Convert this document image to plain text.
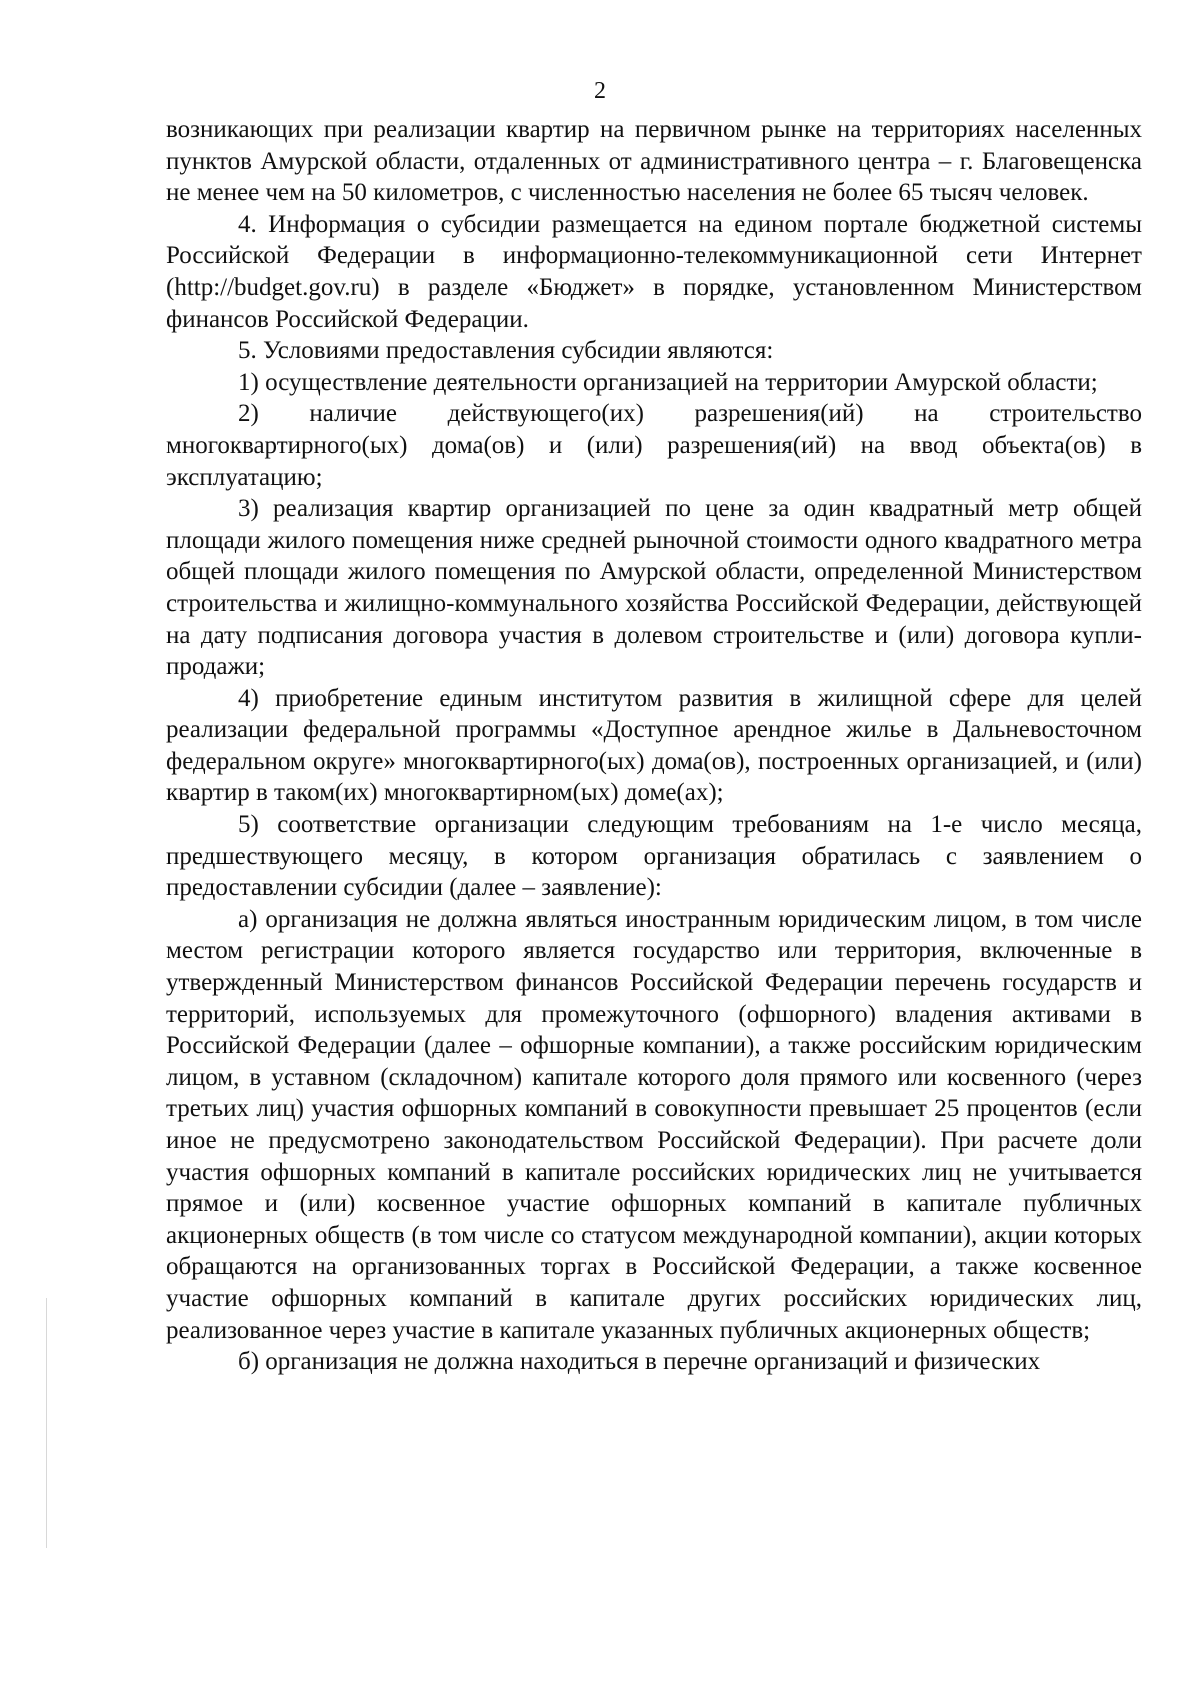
2

возникающих при реализации квартир на первичном рынке на территориях населенных пунктов Амурской области, отдаленных от административного центра – г. Благовещенска не менее чем на 50 километров, с численностью населения не более 65 тысяч человек.

4. Информация о субсидии размещается на едином портале бюджетной системы Российской Федерации в информационно-телекоммуникационной сети Интернет (http://budget.gov.ru) в разделе «Бюджет» в порядке, установленном Министерством финансов Российской Федерации.

5. Условиями предоставления субсидии являются:

1) осуществление деятельности организацией на территории Амурской области;

2) наличие действующего(их) разрешения(ий) на строительство многоквартирного(ых) дома(ов) и (или) разрешения(ий) на ввод объекта(ов) в эксплуатацию;

3) реализация квартир организацией по цене за один квадратный метр общей площади жилого помещения ниже средней рыночной стоимости одного квадратного метра общей площади жилого помещения по Амурской области, определенной Министерством строительства и жилищно-коммунального хозяйства Российской Федерации, действующей на дату подписания договора участия в долевом строительстве и (или) договора купли-продажи;

4) приобретение единым институтом развития в жилищной сфере для целей реализации федеральной программы «Доступное арендное жилье в Дальневосточном федеральном округе» многоквартирного(ых) дома(ов), построенных организацией, и (или) квартир в таком(их) многоквартирном(ых) доме(ах);

5) соответствие организации следующим требованиям на 1-е число месяца, предшествующего месяцу, в котором организация обратилась с заявлением о предоставлении субсидии (далее – заявление):

а) организация не должна являться иностранным юридическим лицом, в том числе местом регистрации которого является государство или территория, включенные в утвержденный Министерством финансов Российской Федерации перечень государств и территорий, используемых для промежуточного (офшорного) владения активами в Российской Федерации (далее – офшорные компании), а также российским юридическим лицом, в уставном (складочном) капитале которого доля прямого или косвенного (через третьих лиц) участия офшорных компаний в совокупности превышает 25 процентов (если иное не предусмотрено законодательством Российской Федерации). При расчете доли участия офшорных компаний в капитале российских юридических лиц не учитывается прямое и (или) косвенное участие офшорных компаний в капитале публичных акционерных обществ (в том числе со статусом международной компании), акции которых обращаются на организованных торгах в Российской Федерации, а также косвенное участие офшорных компаний в капитале других российских юридических лиц, реализованное через участие в капитале указанных публичных акционерных обществ;

б) организация не должна находиться в перечне организаций и физических
